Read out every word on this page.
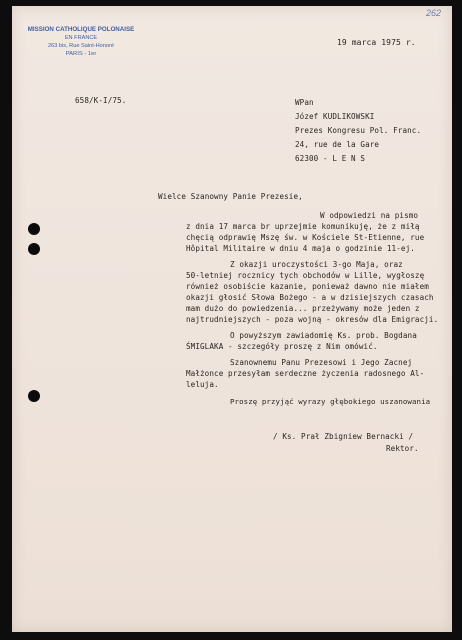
262
MISSION CATHOLIQUE POLONAISE
EN FRANCE
263 bis, Rue Saint-Honoré
PARIS - 1er
19 marca 1975 r.
658/K-I/75.	WPan
Józef KUDLIKOWSKI
Prezes Kongresu Pol. Franc.
24, rue de la Gare
62300 - L E N S
Wielce Szanowny Panie Prezesie,
W odpowiedzi na pismo
z dnia 17 marca br uprzejmie komunikuję, że z miłą
chęcią odprawię Mszę św. w Kościele St-Etienne, rue
Hôpital Militaire w dniu 4 maja o godzinie 11-ej.
Z okazji uroczystości 3-go Maja, oraz
50-letniej rocznicy tych obchodów w Lille, wygłoszę
również osobiście kazanie, ponieważ dawno nie miałem
okazji głosić Słowa Bożego - a w dzisiejszych czasach
mam dużo do powiedzenia... przeżywamy może jeden z
najtrudniejszych - poza wojną - okresów dla Emigracji.
O powyższym zawiadomię Ks. prob. Bogdana
ŚMIGLAKA - szczegóły proszę z Nim omówić.
Szanownemu Panu Prezesowi i Jego Zacnej
Małżonce przesyłam serdeczne życzenia radosnego Al-
leluja.
Proszę przyjąć wyrazy głębokiego uszanowania
/ Ks. Prał Zbigniew Bernacki /
Rektor.
